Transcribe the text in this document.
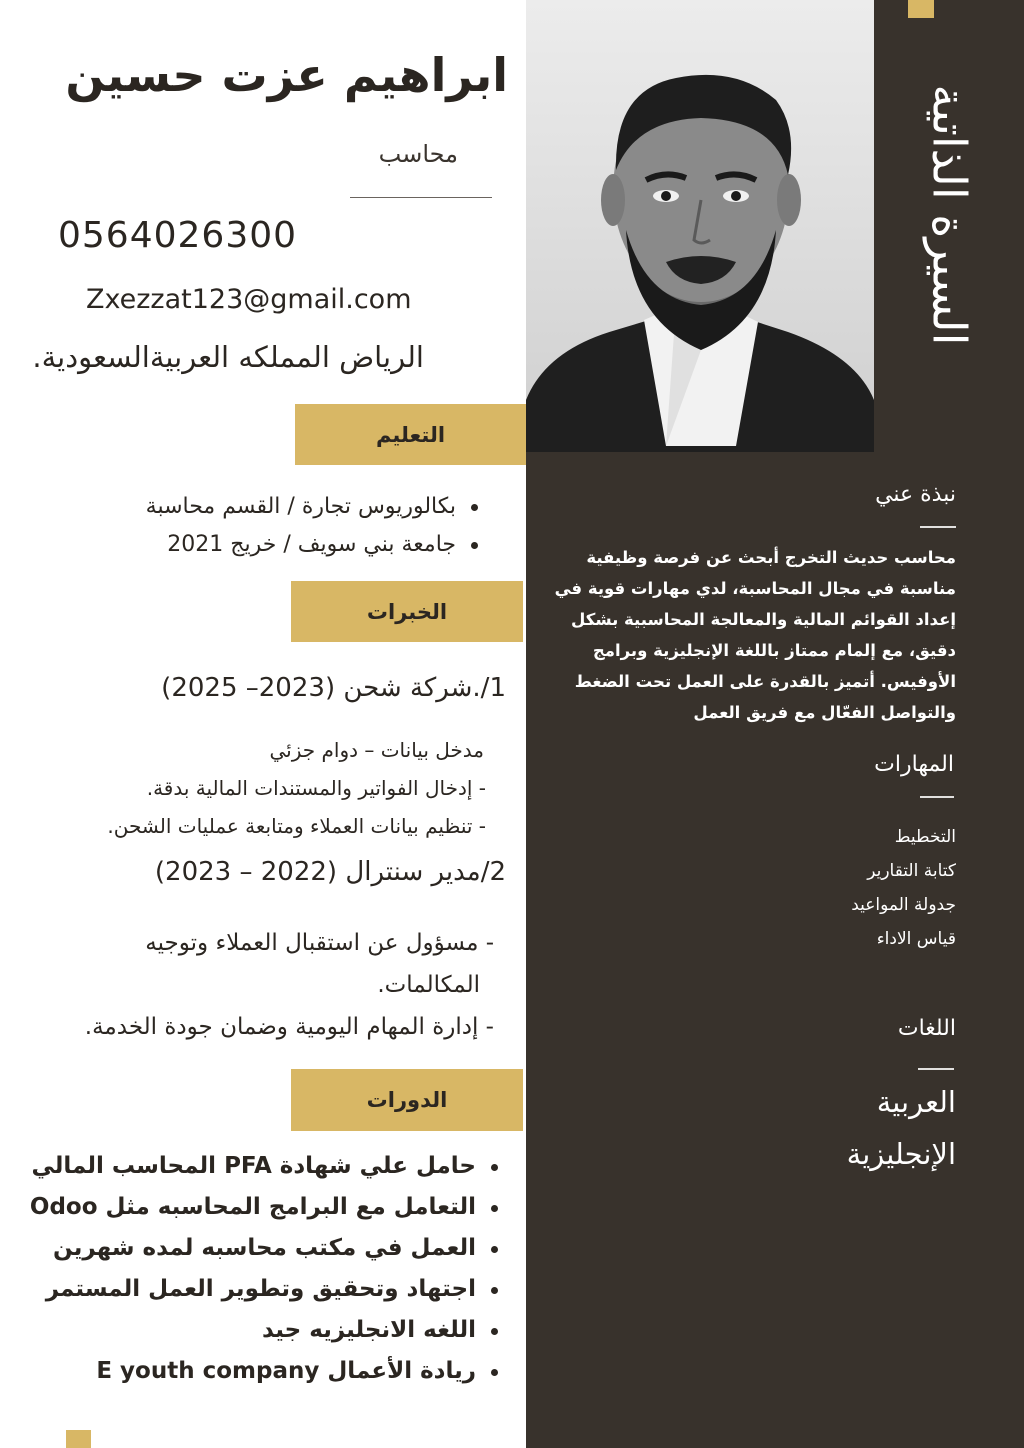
السيرة الذاتية
ابراهيم عزت حسين
محاسب
0564026300
Zxezzat123@gmail.com
الرياض المملكه العربيةالسعودية.
التعليم
بكالوريوس تجارة / القسم محاسبة
جامعة بني سويف / خريج 2021
الخبرات
1/.شركة شحن (2023– 2025)
مدخل بيانات – دوام جزئي
- إدخال الفواتير والمستندات المالية بدقة.
- تنظيم بيانات العملاء ومتابعة عمليات الشحن.
2/مدير سنترال (2022 – 2023)
- مسؤول عن استقبال العملاء وتوجيه
المكالمات.
- إدارة المهام اليومية وضمان جودة الخدمة.
الدورات
حامل علي شهادة PFA المحاسب المالي
التعامل مع البرامج المحاسبه مثل Odoo
العمل في مكتب محاسبه لمده شهرين
اجتهاد وتحقيق وتطوير العمل المستمر
اللغه الانجليزيه جيد
ريادة الأعمال E youth company
نبذة عني
محاسب حديث التخرج أبحث عن فرصة وظيفية
مناسبة في مجال المحاسبة، لدي مهارات قوية في
إعداد القوائم المالية والمعالجة المحاسبية بشكل
دقيق، مع إلمام ممتاز باللغة الإنجليزية وبرامج
الأوفيس. أتميز بالقدرة على العمل تحت الضغط
والتواصل الفعّال مع فريق العمل
المهارات
التخطيط
كتابة التقارير
جدولة المواعيد
قياس الاداء
اللغات
العربية
الإنجليزية
